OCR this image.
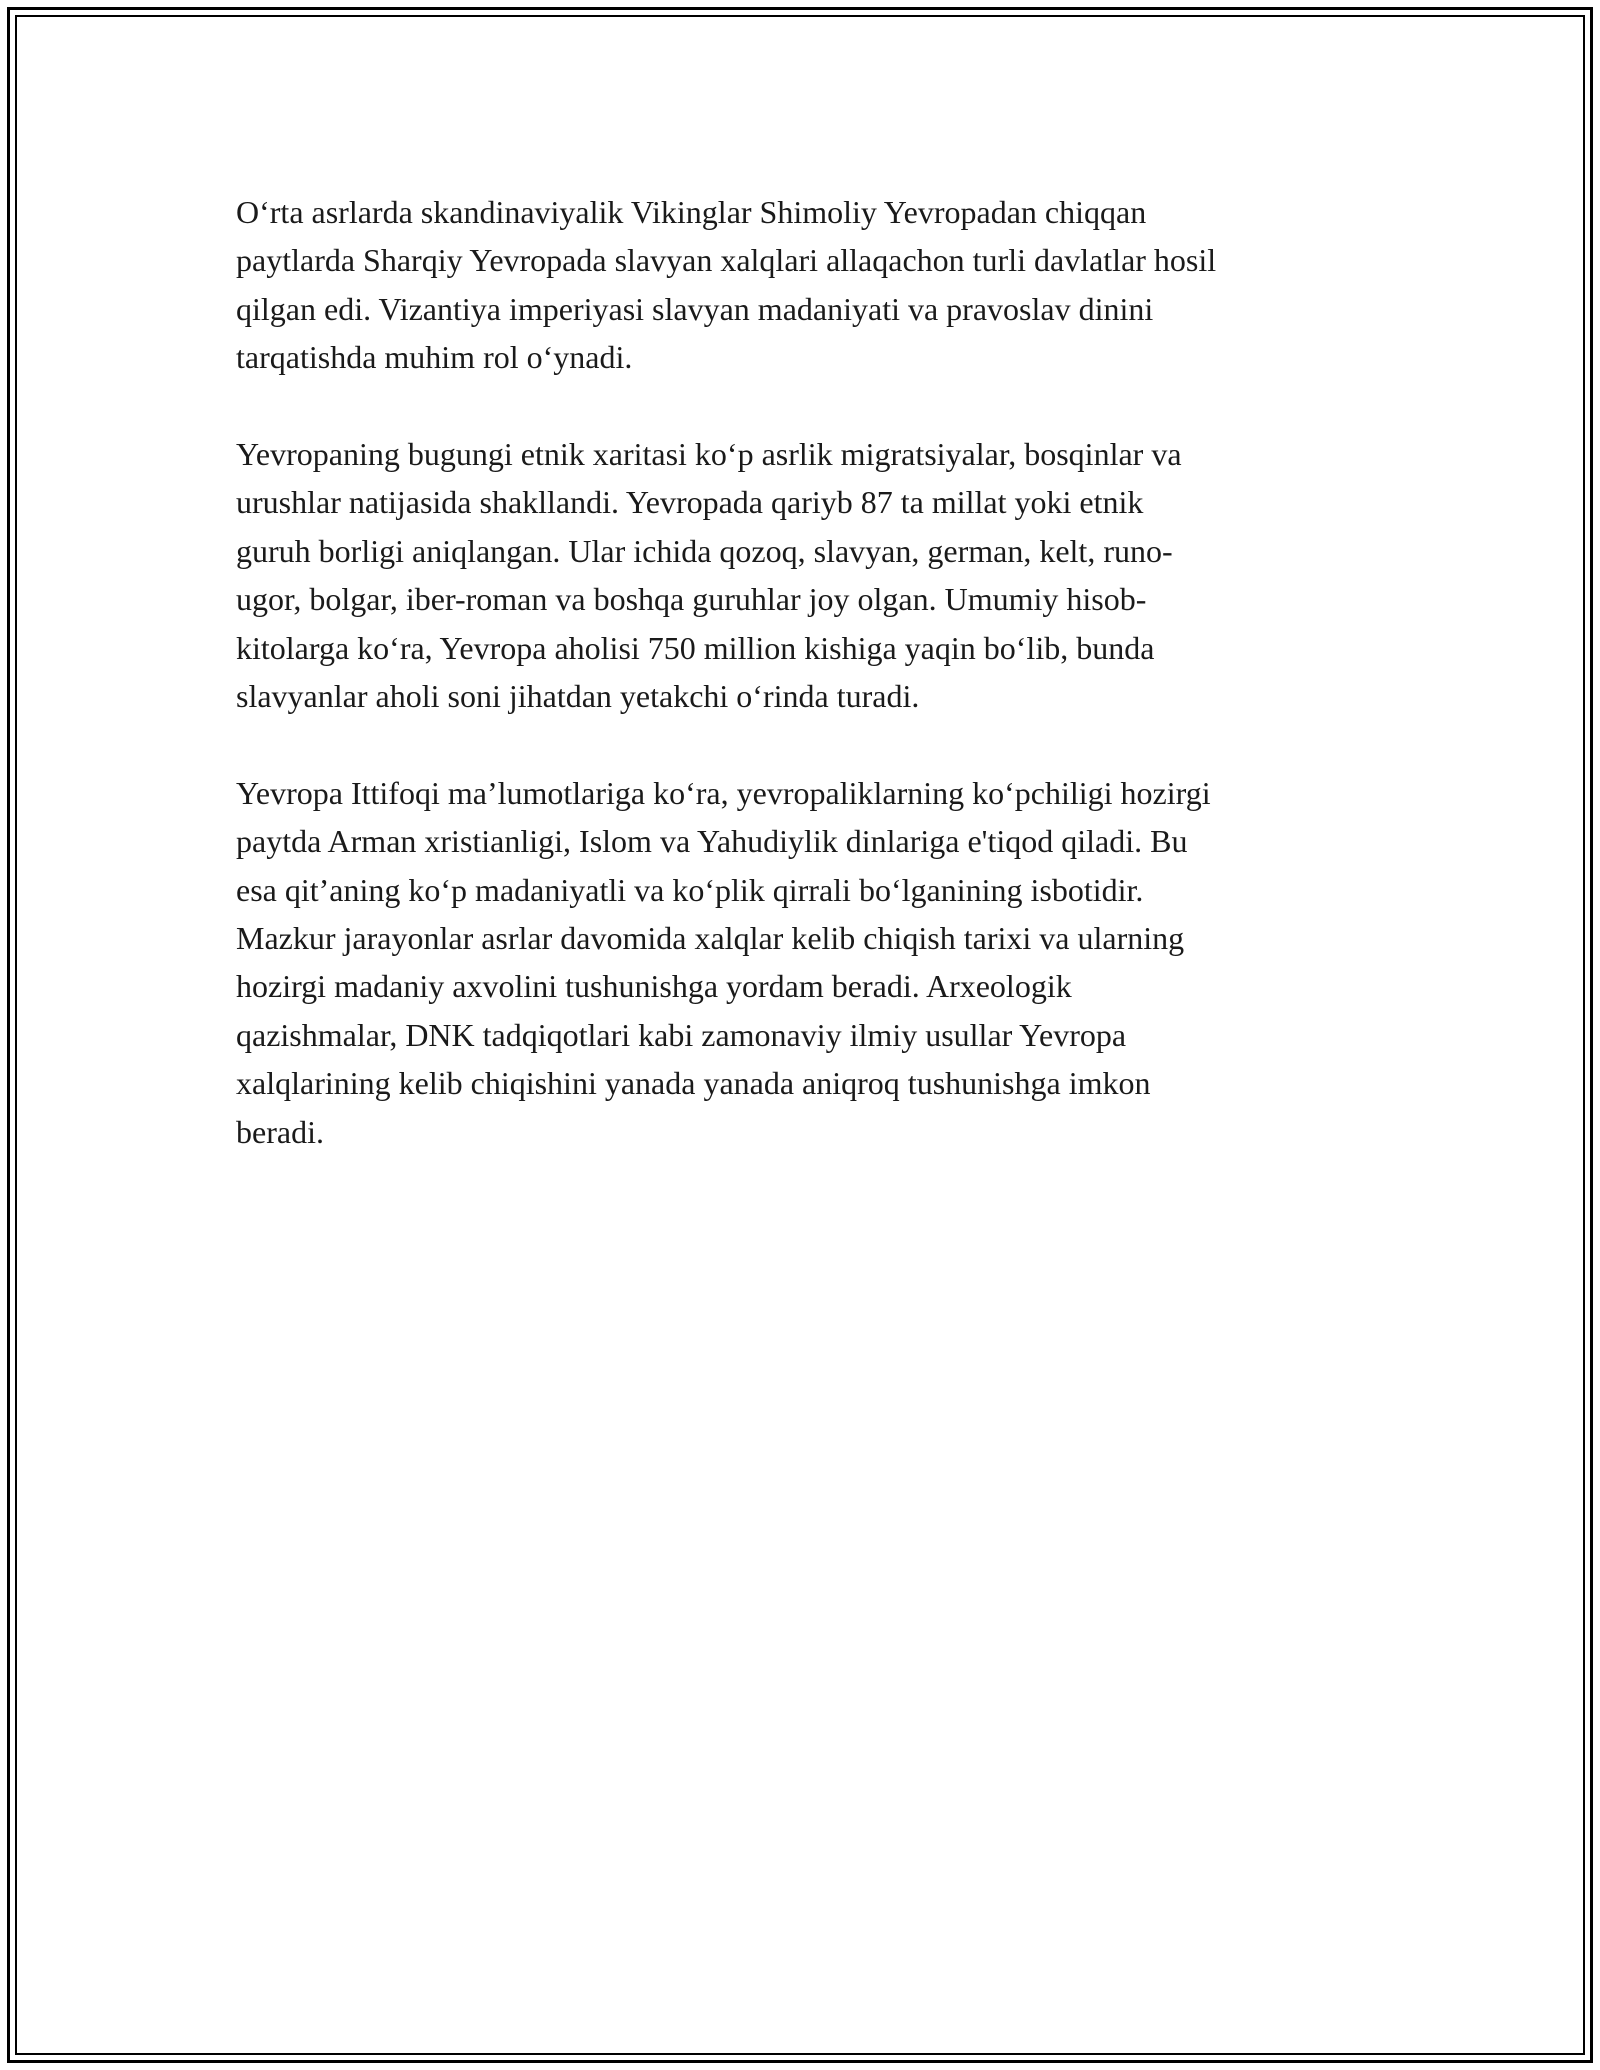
O‘rta asrlarda skandinaviyalik Vikinglar Shimoliy Yevropadan chiqqan
paytlarda Sharqiy Yevropada slavyan xalqlari allaqachon turli davlatlar hosil
qilgan edi. Vizantiya imperiyasi slavyan madaniyati va pravoslav dinini
tarqatishda muhim rol o‘ynadi.

Yevropaning bugungi etnik xaritasi ko‘p asrlik migratsiyalar, bosqinlar va
urushlar natijasida shakllandi. Yevropada qariyb 87 ta millat yoki etnik
guruh borligi aniqlangan. Ular ichida qozoq, slavyan, german, kelt, runo-
ugor, bolgar, iber-roman va boshqa guruhlar joy olgan. Umumiy hisob-
kitolarga ko‘ra, Yevropa aholisi 750 million kishiga yaqin bo‘lib, bunda
slavyanlar aholi soni jihatdan yetakchi o‘rinda turadi.

Yevropa Ittifoqi ma’lumotlariga ko‘ra, yevropaliklarning ko‘pchiligi hozirgi
paytda Arman xristianligi, Islom va Yahudiylik dinlariga e'tiqod qiladi. Bu
esa qit’aning ko‘p madaniyatli va ko‘plik qirrali bo‘lganining isbotidir.
Mazkur jarayonlar asrlar davomida xalqlar kelib chiqish tarixi va ularning
hozirgi madaniy axvolini tushunishga yordam beradi. Arxeologik
qazishmalar, DNK tadqiqotlari kabi zamonaviy ilmiy usullar Yevropa
xalqlarining kelib chiqishini yanada yanada aniqroq tushunishga imkon
beradi.
